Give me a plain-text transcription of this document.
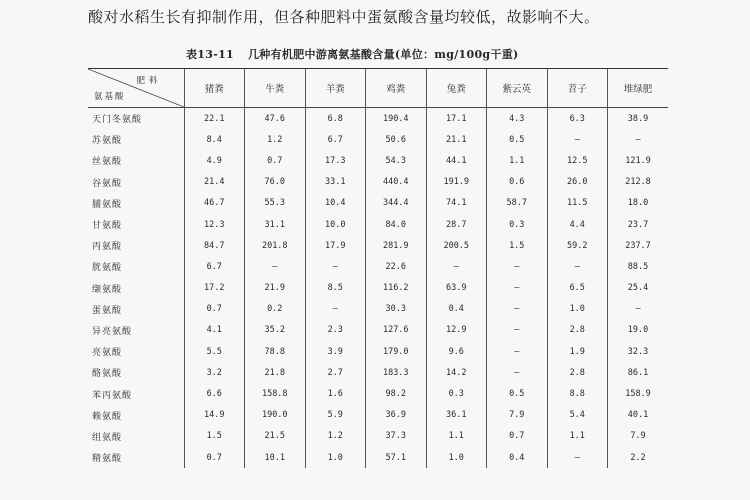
酸对水稻生长有抑制作用，但各种肥料中蛋氨酸含量均较低，故影响不大。
表13-11 几种有机肥中游离氨基酸含量(单位：mg/100g干重)
肥料
氨基酸	猪粪	牛粪	羊粪	鸡粪	兔粪	紫云英	苕子	堆绿肥
天门冬氨酸	22.1	47.6	6.8	190.4	17.1	4.3	6.3	38.9
苏氨酸	8.4	1.2	6.7	50.6	21.1	0.5	—	—
丝氨酸	4.9	0.7	17.3	54.3	44.1	1.1	12.5	121.9
谷氨酸	21.4	76.0	33.1	440.4	191.9	0.6	26.0	212.8
脯氨酸	46.7	55.3	10.4	344.4	74.1	58.7	11.5	18.0
甘氨酸	12.3	31.1	10.0	84.0	28.7	0.3	4.4	23.7
丙氨酸	84.7	201.8	17.9	281.9	200.5	1.5	59.2	237.7
胱氨酸	6.7	—	—	22.6	—	—	—	88.5
缬氨酸	17.2	21.9	8.5	116.2	63.9	—	6.5	25.4
蛋氨酸	0.7	0.2	—	30.3	0.4	—	1.0	—
异亮氨酸	4.1	35.2	2.3	127.6	12.9	—	2.8	19.0
亮氨酸	5.5	78.8	3.9	179.0	9.6	—	1.9	32.3
酪氨酸	3.2	21.8	2.7	183.3	14.2	—	2.8	86.1
苯丙氨酸	6.6	158.8	1.6	98.2	0.3	0.5	8.8	158.9
赖氨酸	14.9	190.0	5.9	36.9	36.1	7.9	5.4	40.1
组氨酸	1.5	21.5	1.2	37.3	1.1	0.7	1.1	7.9
精氨酸	0.7	10.1	1.0	57.1	1.0	0.4	—	2.2
